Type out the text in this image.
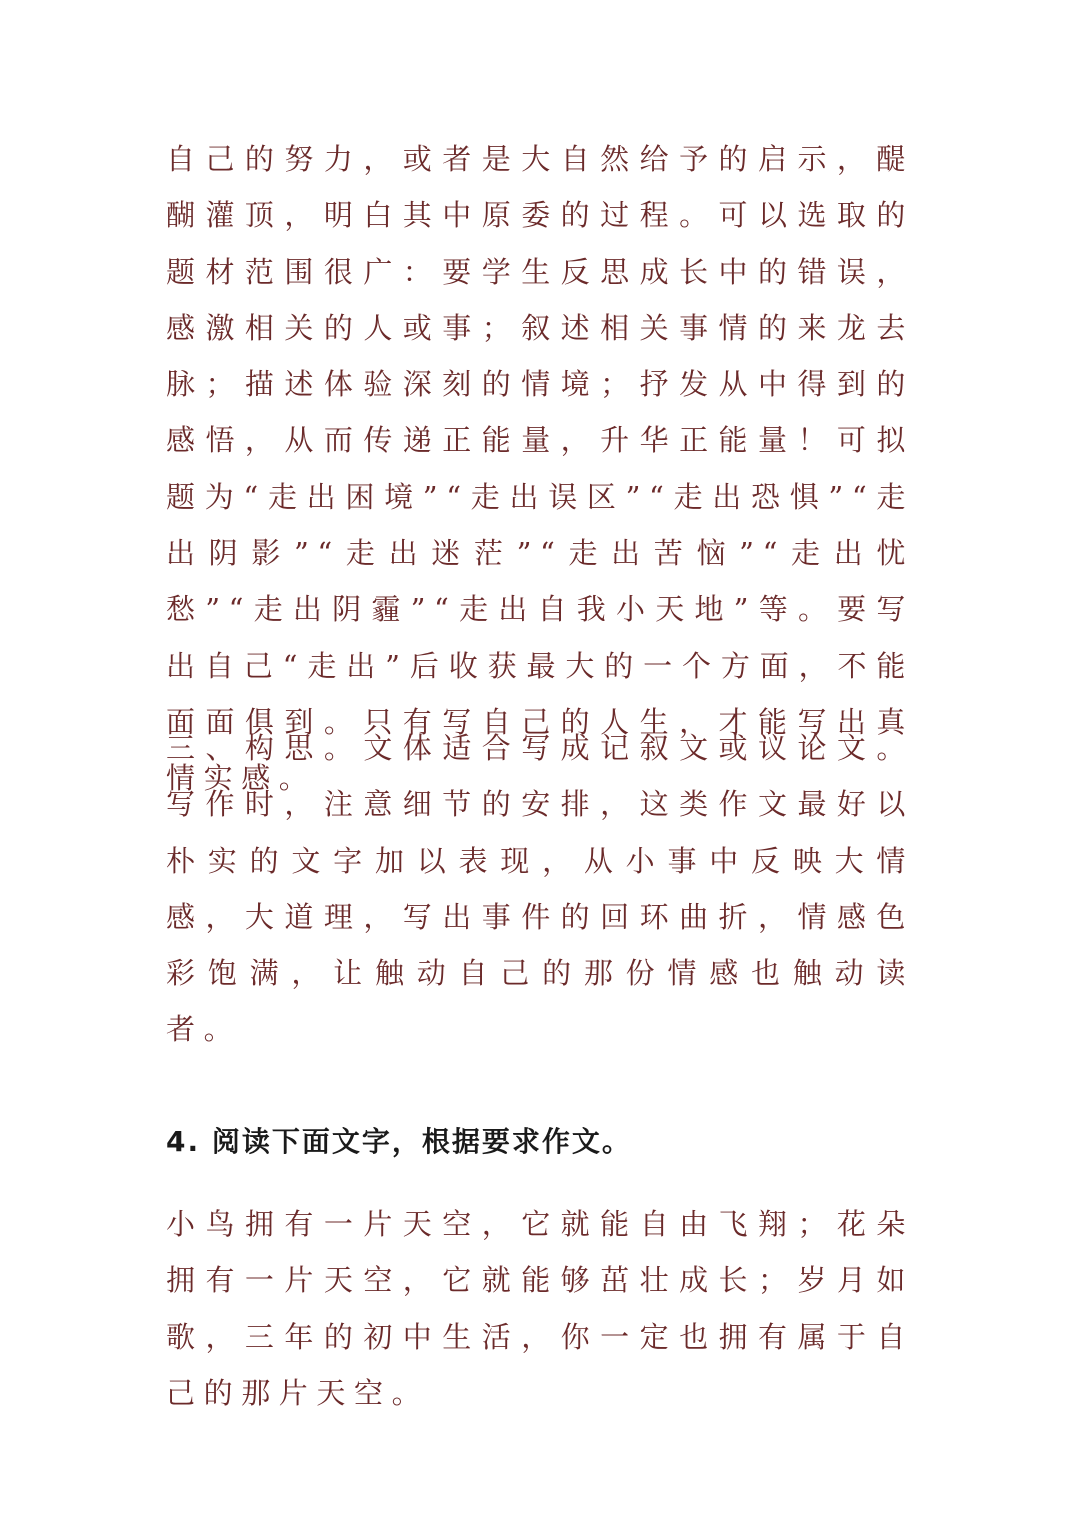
自己的努力，或者是大自然给予的启示，醍醐灌顶，明白其中原委的过程。可以选取的题材范围很广：要学生反思成长中的错误，感激相关的人或事；叙述相关事情的来龙去脉；描述体验深刻的情境；抒发从中得到的感悟，从而传递正能量，升华正能量！可拟题为“走出困境”“走出误区”“走出恐惧”“走出阴影”“走出迷茫”“走出苦恼”“走出忧愁”“走出阴霾”“走出自我小天地”等。要写出自己“走出”后收获最大的一个方面，不能面面俱到。只有写自己的人生，才能写出真情实感。

三、构思。文体适合写成记叙文或议论文。写作时，注意细节的安排，这类作文最好以朴实的文字加以表现，从小事中反映大情感，大道理，写出事件的回环曲折，情感色彩饱满，让触动自己的那份情感也触动读者。

4. 阅读下面文字，根据要求作文。

小鸟拥有一片天空，它就能自由飞翔；花朵拥有一片天空，它就能够茁壮成长；岁月如歌，三年的初中生活，你一定也拥有属于自己的那片天空。
